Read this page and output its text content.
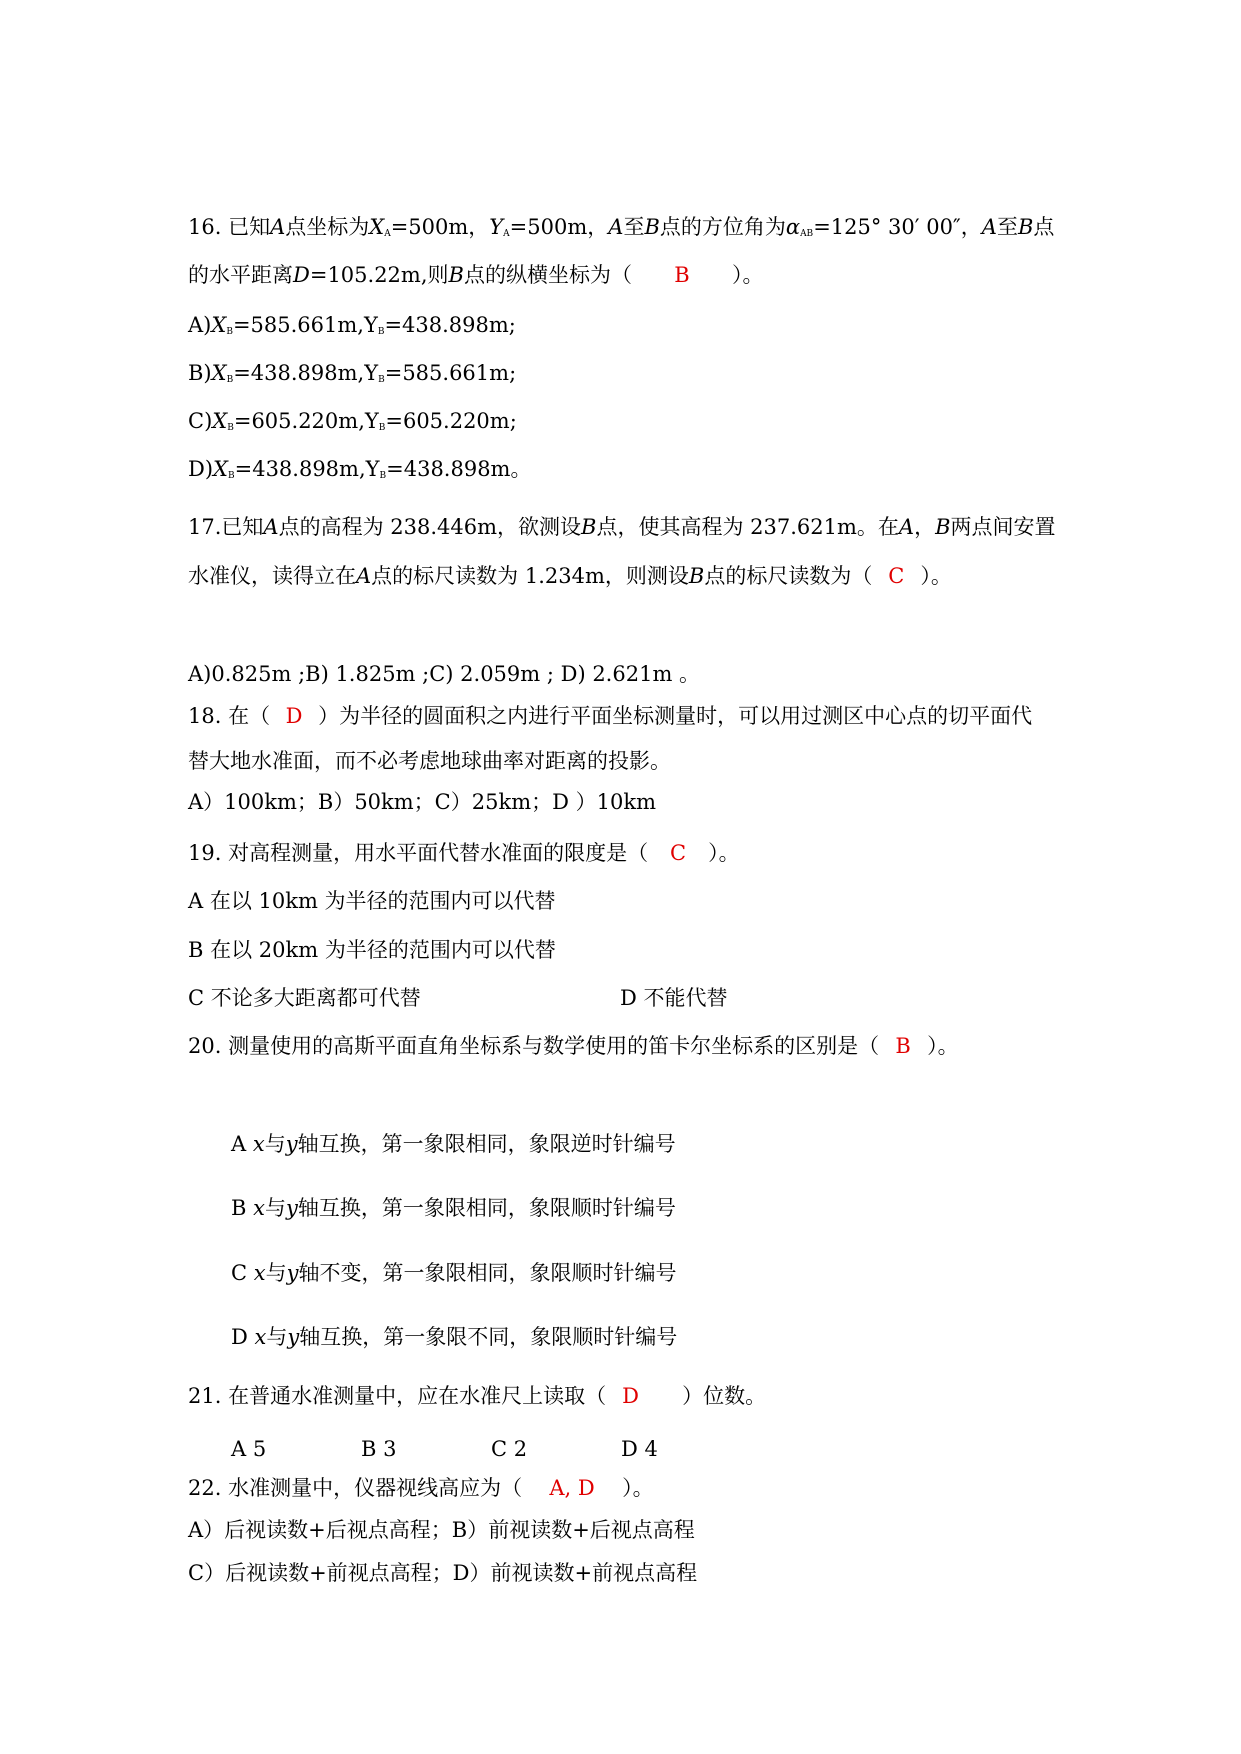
16. 已知A点坐标为$X_A=500m$，$Y_A=500m$，A至B点的方位角为$\alpha_{AB}=125^\circ$ 30′ 00″，A至B点
的水平距离D=105.22m,则B点的纵横坐标为（ B ）。
$A)X_B=585.661m,Y_B=438.898m$;
$B)X_B=438.898m,Y_B=585.661m$;
$C)X_B=605.220m,Y_B=605.220m$;
$D)X_B=438.898m,Y_B=438.898m$。
17.已知A点的高程为 238.446m，欲测设B点，使其高程为 237.621m。在A，B两点间安置
水准仪，读得立在A点的标尺读数为 1.234m，则测设B点的标尺读数为（ C ）。
A)0.825m ;B) 1.825m ;C) 2.059m ; D) 2.621m 。
18. 在（ D ）为半径的圆面积之内进行平面坐标测量时，可以用过测区中心点的切平面代
替大地水准面，而不必考虑地球曲率对距离的投影。
A）100km；B）50km；C）25km；D ）10km
19. 对高程测量，用水平面代替水准面的限度是（ C ）。
A 在以 10km 为半径的范围内可以代替
B 在以 20km 为半径的范围内可以代替
C 不论多大距离都可代替	D 不能代替
20. 测量使用的高斯平面直角坐标系与数学使用的笛卡尔坐标系的区别是（ B ）。
A x与y轴互换，第一象限相同，象限逆时针编号
B x与y轴互换，第一象限相同，象限顺时针编号
C x与y轴不变，第一象限相同，象限顺时针编号
D x与y轴互换，第一象限不同，象限顺时针编号
21. 在普通水准测量中，应在水准尺上读取（ D ）位数。
A 5	B 3	C 2	D 4
22. 水准测量中，仪器视线高应为（ A, D ）。
A）后视读数+后视点高程；B）前视读数+后视点高程
C）后视读数+前视点高程；D）前视读数+前视点高程
